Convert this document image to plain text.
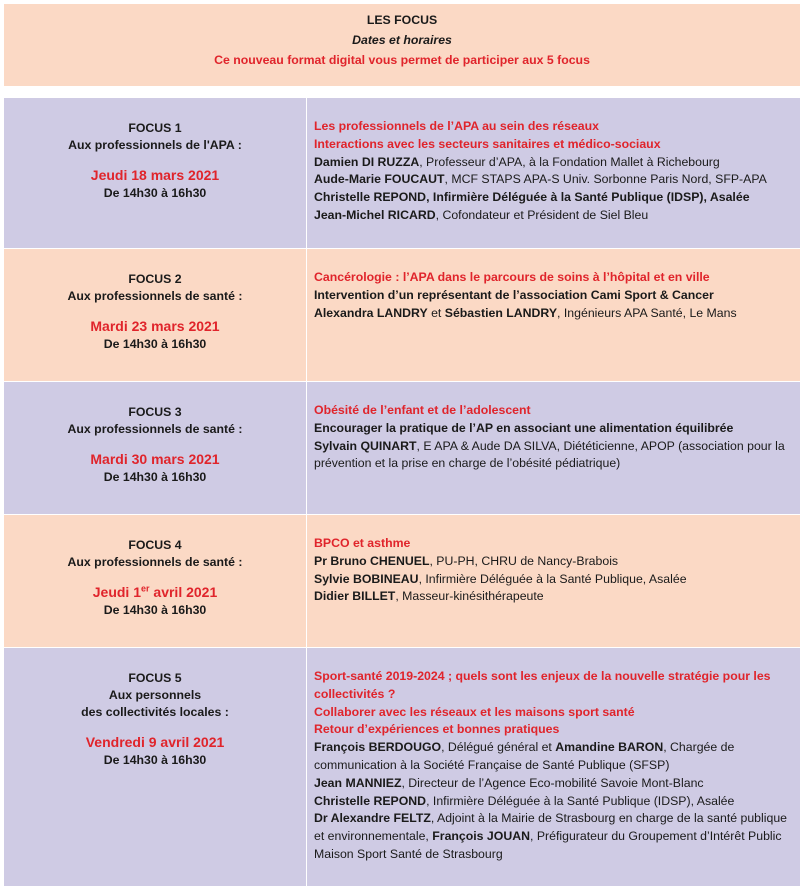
LES FOCUS
Dates et horaires
Ce nouveau format digital vous permet de participer aux 5 focus
FOCUS 1
Aux professionnels de l'APA :
Jeudi 18 mars 2021
De 14h30 à 16h30
Les professionnels de l’APA au sein des réseaux
Interactions avec les secteurs sanitaires et médico-sociaux
Damien DI RUZZA, Professeur d’APA, à la Fondation Mallet à Richebourg
Aude-Marie FOUCAUT, MCF STAPS APA-S Univ. Sorbonne Paris Nord, SFP-APA
Christelle REPOND, Infirmière Déléguée à la Santé Publique (IDSP), Asalée
Jean-Michel RICARD, Cofondateur et Président de Siel Bleu
FOCUS 2
Aux professionnels de santé :
Mardi 23 mars 2021
De 14h30 à 16h30
Cancérologie : l’APA dans le parcours de soins à l’hôpital et en ville
Intervention d’un représentant de l’association Cami Sport & Cancer
Alexandra LANDRY et Sébastien LANDRY, Ingénieurs APA Santé, Le Mans
FOCUS 3
Aux professionnels de santé :
Mardi 30 mars 2021
De 14h30 à 16h30
Obésité de l’enfant et de l’adolescent
Encourager la pratique de l’AP en associant une alimentation équilibrée
Sylvain QUINART, E APA & Aude DA SILVA, Diététicienne, APOP (association pour la prévention et la prise en charge de l’obésité pédiatrique)
FOCUS 4
Aux professionnels de santé :
Jeudi 1er avril 2021
De 14h30 à 16h30
BPCO et asthme
Pr Bruno CHENUEL, PU-PH, CHRU de Nancy-Brabois
Sylvie BOBINEAU, Infirmière Déléguée à la Santé Publique, Asalée
Didier BILLET, Masseur-kinésithérapeute
FOCUS 5
Aux personnels
des collectivités locales :
Vendredi 9 avril 2021
De 14h30 à 16h30
Sport-santé 2019-2024 ; quels sont les enjeux de la nouvelle stratégie pour les collectivités ?
Collaborer avec les réseaux et les maisons sport santé
Retour d’expériences et bonnes pratiques
François BERDOUGO, Délégué général et Amandine BARON, Chargée de communication à la Société Française de Santé Publique (SFSP)
Jean MANNIEZ, Directeur de l’Agence Eco-mobilité Savoie Mont-Blanc
Christelle REPOND, Infirmière Déléguée à la Santé Publique (IDSP), Asalée
Dr Alexandre FELTZ, Adjoint à la Mairie de Strasbourg en charge de la santé publique et environnementale, François JOUAN, Préfigurateur du Groupement d’Intérêt Public Maison Sport Santé de Strasbourg
